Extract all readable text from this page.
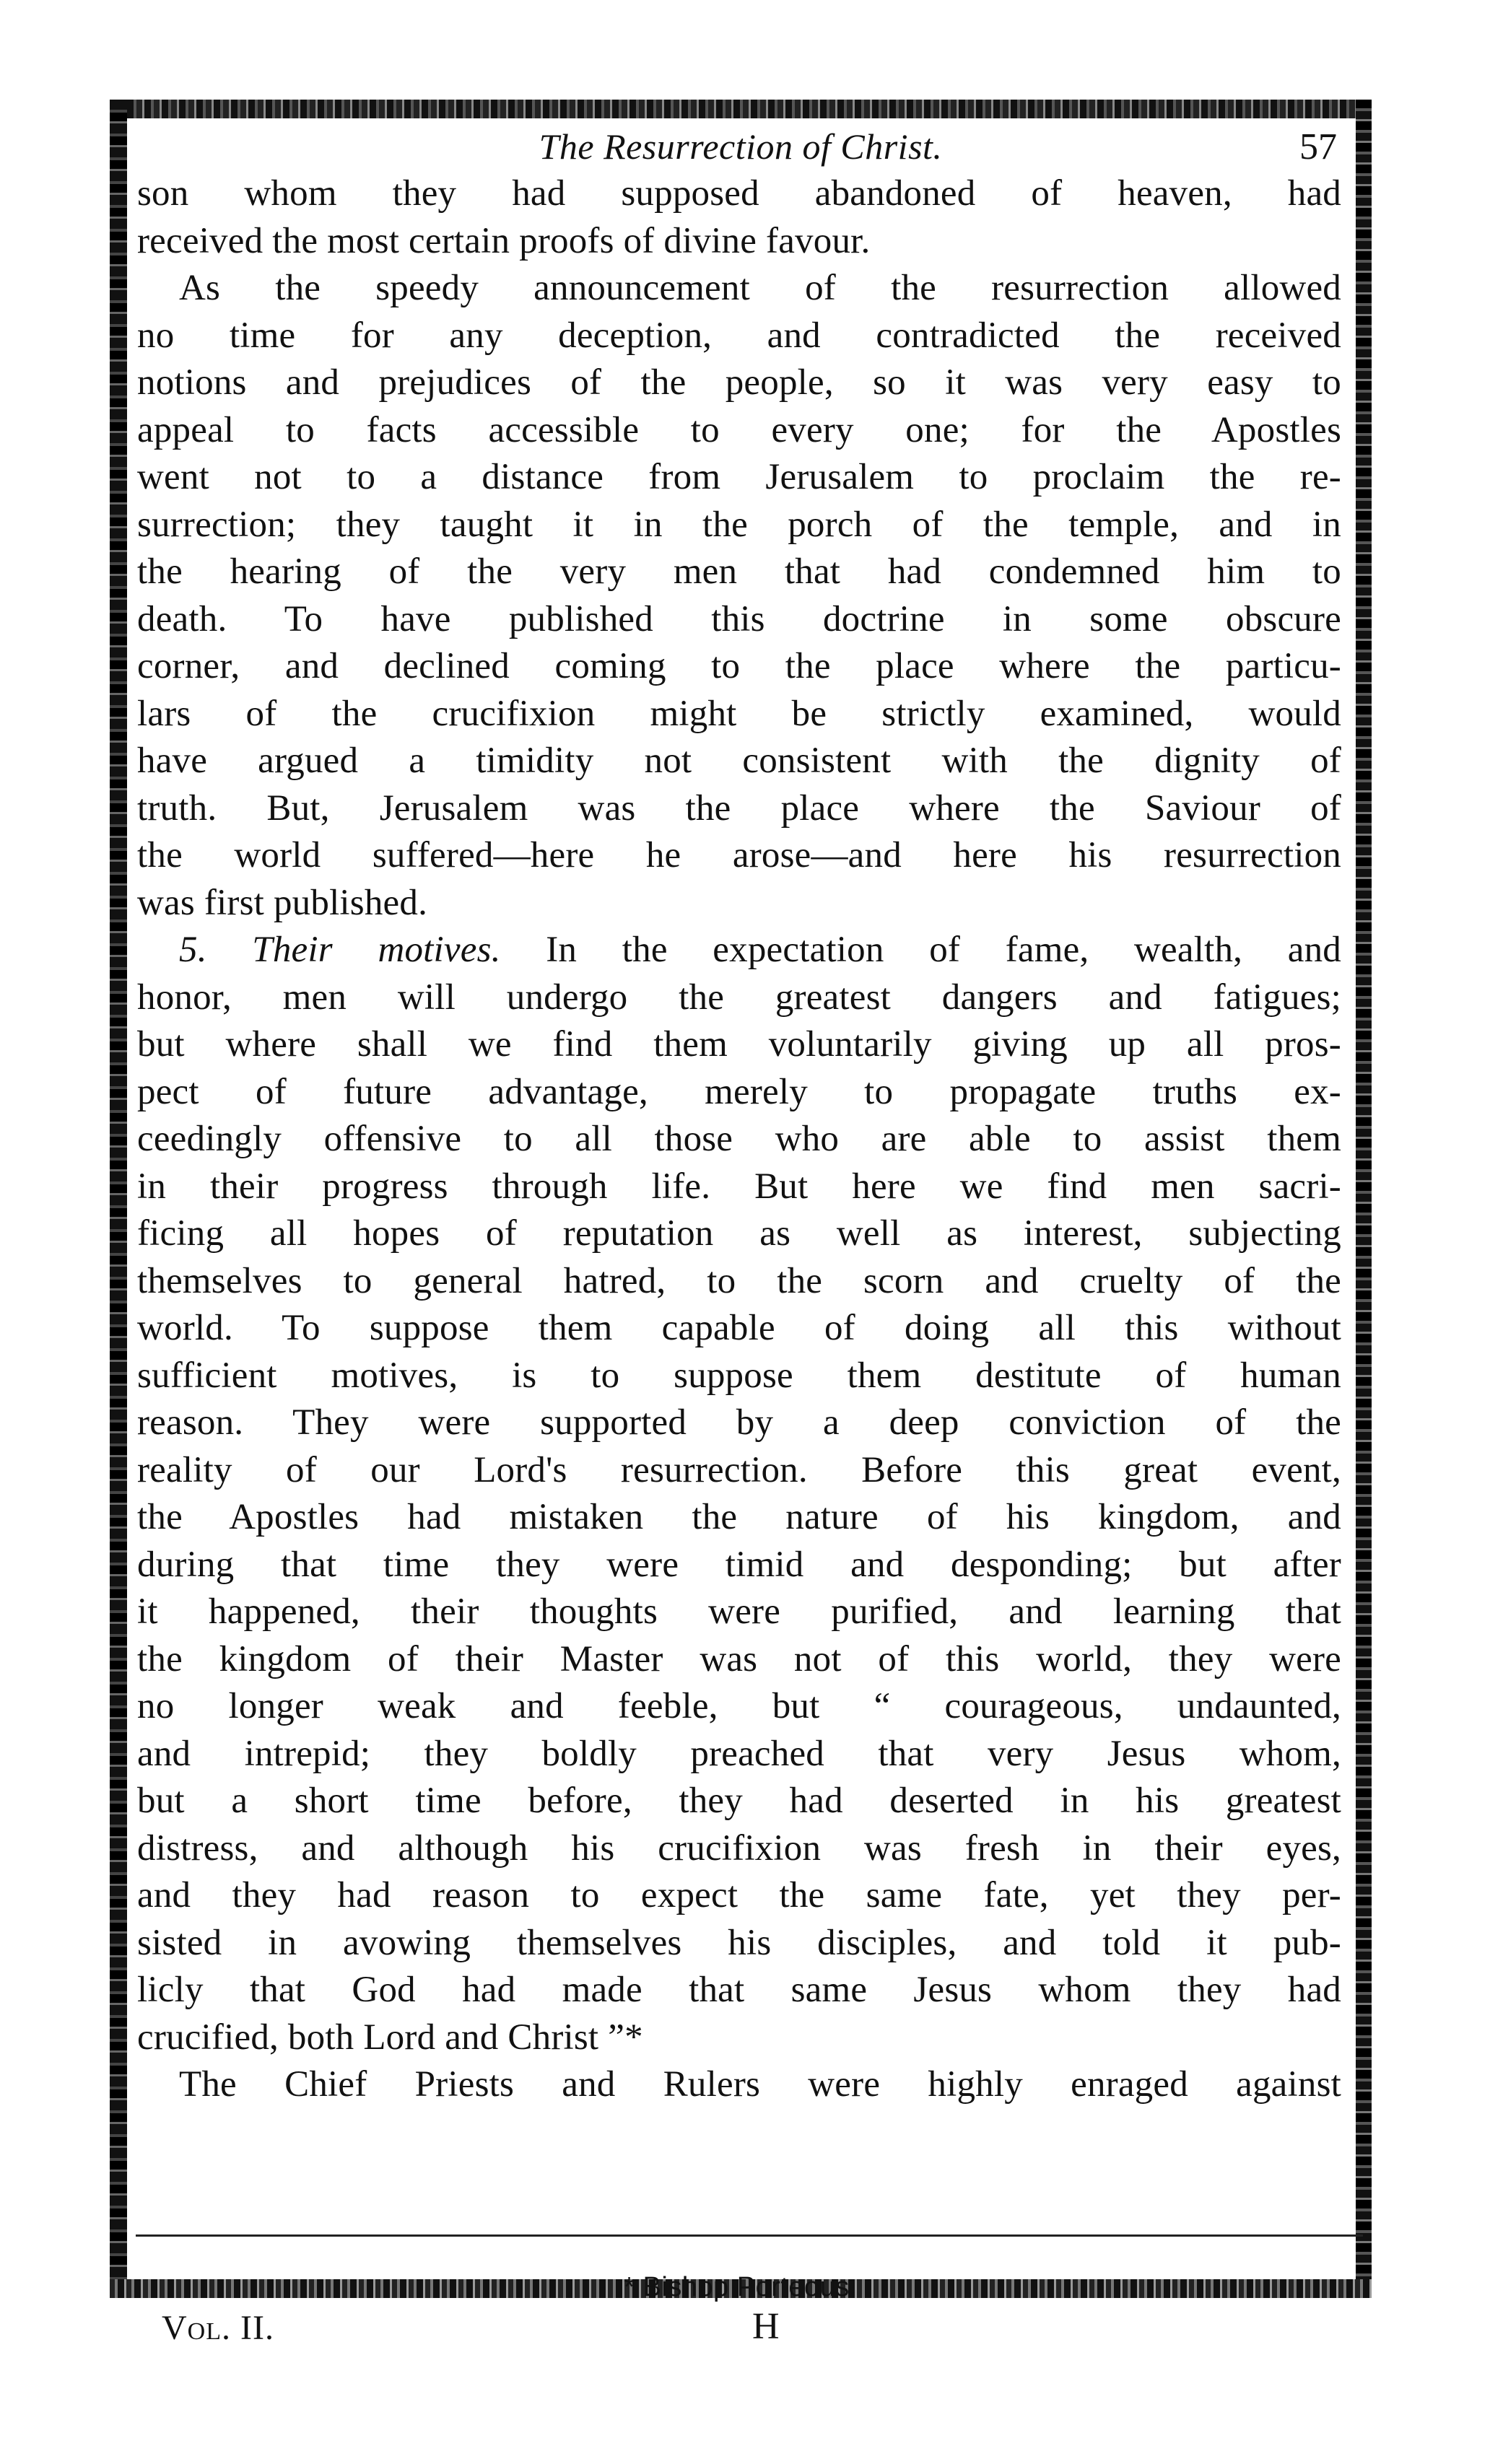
The Resurrection of Christ.	57
son whom they had supposed abandoned of heaven, had
received the most certain proofs of divine favour.
As the speedy announcement of the resurrection allowed
no time for any deception, and contradicted the received
notions and prejudices of the people, so it was very easy to
appeal to facts accessible to every one; for the Apostles
went not to a distance from Jerusalem to proclaim the re-
surrection; they taught it in the porch of the temple, and in
the hearing of the very men that had condemned him to
death. To have published this doctrine in some obscure
corner, and declined coming to the place where the particu-
lars of the crucifixion might be strictly examined, would
have argued a timidity not consistent with the dignity of
truth. But, Jerusalem was the place where the Saviour of
the world suffered—here he arose—and here his resurrection
was first published.
5. Their motives. In the expectation of fame, wealth, and
honor, men will undergo the greatest dangers and fatigues;
but where shall we find them voluntarily giving up all pros-
pect of future advantage, merely to propagate truths ex-
ceedingly offensive to all those who are able to assist them
in their progress through life. But here we find men sacri-
ficing all hopes of reputation as well as interest, subjecting
themselves to general hatred, to the scorn and cruelty of the
world. To suppose them capable of doing all this without
sufficient motives, is to suppose them destitute of human
reason. They were supported by a deep conviction of the
reality of our Lord's resurrection. Before this great event,
the Apostles had mistaken the nature of his kingdom, and
during that time they were timid and desponding; but after
it happened, their thoughts were purified, and learning that
the kingdom of their Master was not of this world, they were
no longer weak and feeble, but “ courageous, undaunted,
and intrepid; they boldly preached that very Jesus whom,
but a short time before, they had deserted in his greatest
distress, and although his crucifixion was fresh in their eyes,
and they had reason to expect the same fate, yet they per-
sisted in avowing themselves his disciples, and told it pub-
licly that God had made that same Jesus whom they had
crucified, both Lord and Christ ”*
The Chief Priests and Rulers were highly enraged against
* Bishop Porteous.
Vol. II.	H
